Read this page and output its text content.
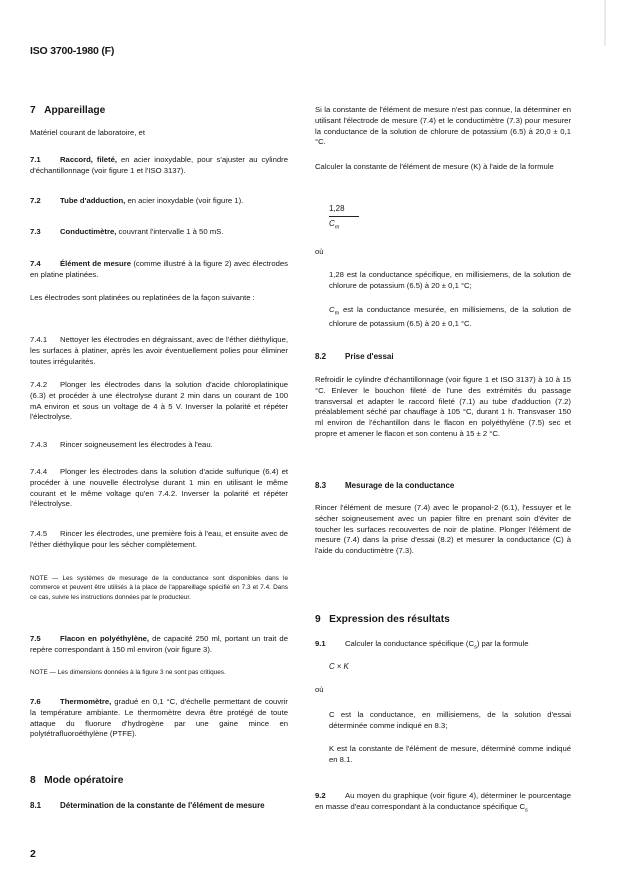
ISO 3700-1980 (F)
7 Appareillage
Matériel courant de laboratoire, et
7.1	Raccord, fileté, en acier inoxydable, pour s'ajuster au cylindre d'échantillonnage (voir figure 1 et l'ISO 3137).
7.2	Tube d'adduction, en acier inoxydable (voir figure 1).
7.3	Conductimètre, couvrant l'intervalle 1 à 50 mS.
7.4	Élément de mesure (comme illustré à la figure 2) avec électrodes en platine platinées.
Les électrodes sont platinées ou replatinées de la façon suivante :
7.4.1 Nettoyer les électrodes en dégraissant, avec de l'éther diéthylique, les surfaces à platiner, après les avoir éventuellement polies pour éliminer toutes irrégularités.
7.4.2 Plonger les électrodes dans la solution d'acide chloroplatinique (6.3) et procéder à une électrolyse durant 2 min dans un courant de 100 mA environ et sous un voltage de 4 à 5 V. Inverser la polarité et répéter l'électrolyse.
7.4.3 Rincer soigneusement les électrodes à l'eau.
7.4.4 Plonger les électrodes dans la solution d'acide sulfurique (6.4) et procéder à une nouvelle électrolyse durant 1 min en utilisant le même courant et le même voltage qu'en 7.4.2. Inverser la polarité et répéter l'électrolyse.
7.4.5 Rincer les électrodes, une première fois à l'eau, et ensuite avec de l'éther diéthylique pour les sécher complètement.
NOTE — Les systèmes de mesurage de la conductance sont disponibles dans le commerce et peuvent être utilisés à la place de l'appareillage spécifié en 7.3 et 7.4. Dans ce cas, suivre les instructions données par le producteur.
7.5	Flacon en polyéthylène, de capacité 250 ml, portant un trait de repère correspondant à 150 ml environ (voir figure 3).
NOTE — Les dimensions données à la figure 3 ne sont pas critiques.
7.6	Thermomètre, gradué en 0,1 °C, d'échelle permettant de couvrir la température ambiante. Le thermomètre devra être protégé de toute attaque du fluorure d'hydrogène par une gaine mince en polytétrafluoroéthylène (PTFE).
8 Mode opératoire
8.1 Détermination de la constante de l'élément de mesure
Si la constante de l'élément de mesure n'est pas connue, la déterminer en utilisant l'électrode de mesure (7.4) et le conductimètre (7.3) pour mesurer la conductance de la solution de chlorure de potassium (6.5) à 20,0 ± 0,1 °C.
Calculer la constante de l'élément de mesure (K) à l'aide de la formule
1,28
$C_m$
où
1,28 est la conductance spécifique, en millisiemens, de la solution de chlorure de potassium (6.5) à 20 ± 0,1 °C;
$C_m$ est la conductance mesurée, en millisiemens, de la solution de chlorure de potassium (6.5) à 20 ± 0,1 °C.
8.2 Prise d'essai
Refroidir le cylindre d'échantillonnage (voir figure 1 et ISO 3137) à 10 à 15 °C. Enlever le bouchon fileté de l'une des extrémités du passage transversal et adapter le raccord fileté (7.1) au tube d'adduction (7.2) préalablement séché par chauffage à 105 °C, durant 1 h. Transvaser 150 ml environ de l'échantillon dans le flacon en polyéthylène (7.5) sec et propre et amener le flacon et son contenu à 15 ± 2 °C.
8.3 Mesurage de la conductance
Rincer l'élément de mesure (7.4) avec le propanol-2 (6.1), l'essuyer et le sécher soigneusement avec un papier filtre en prenant soin d'éviter de toucher les surfaces recouvertes de noir de platine. Plonger l'élément de mesure (7.4) dans la prise d'essai (8.2) et mesurer la conductance (C) à l'aide du conductimètre (7.3).
9 Expression des résultats
9.1	Calculer la conductance spécifique $(C_s)$ par la formule
C × K
où
C est la conductance, en millisiemens, de la solution d'essai déterminée comme indiqué en 8.3;
K est la constante de l'élément de mesure, déterminé comme indiqué en 8.1.
9.2	Au moyen du graphique (voir figure 4), déterminer le pourcentage en masse d'eau correspondant à la conductance spécifique $C_s$
2
